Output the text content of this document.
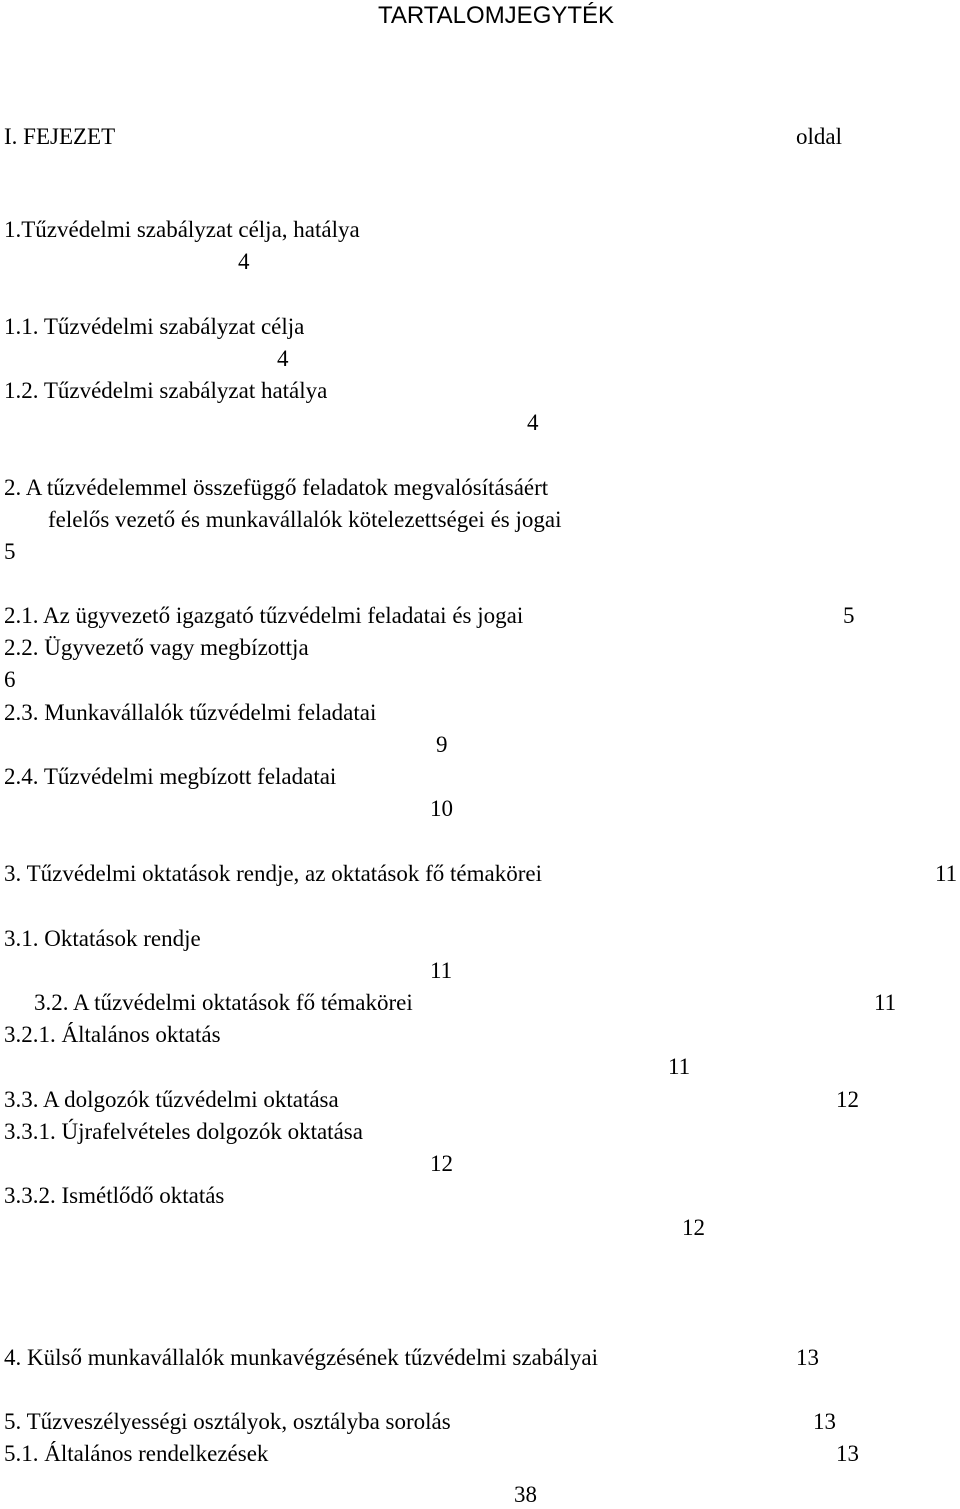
TARTALOMJEGYTÉK
I. FEJEZET	oldal
1.Tűzvédelmi szabályzat célja, hatálya
4
1.1. Tűzvédelmi szabályzat célja
4
1.2. Tűzvédelmi szabályzat hatálya
4
2. A tűzvédelemmel összefüggő feladatok megvalósításáért
felelős vezető és munkavállalók kötelezettségei és jogai
5
2.1. Az ügyvezető igazgató tűzvédelmi feladatai és jogai	5
2.2. Ügyvezető vagy megbízottja
6
2.3. Munkavállalók tűzvédelmi feladatai
9
2.4. Tűzvédelmi megbízott feladatai
10
3. Tűzvédelmi oktatások rendje, az oktatások fő témakörei	11
3.1. Oktatások rendje
11
3.2. A tűzvédelmi oktatások fő témakörei	11
3.2.1. Általános oktatás
11
3.3. A dolgozók tűzvédelmi oktatása	12
3.3.1. Újrafelvételes dolgozók oktatása
12
3.3.2. Ismétlődő oktatás
12
4. Külső munkavállalók munkavégzésének tűzvédelmi szabályai	13
5. Tűzveszélyességi osztályok, osztályba sorolás	13
5.1. Általános rendelkezések	13
38
